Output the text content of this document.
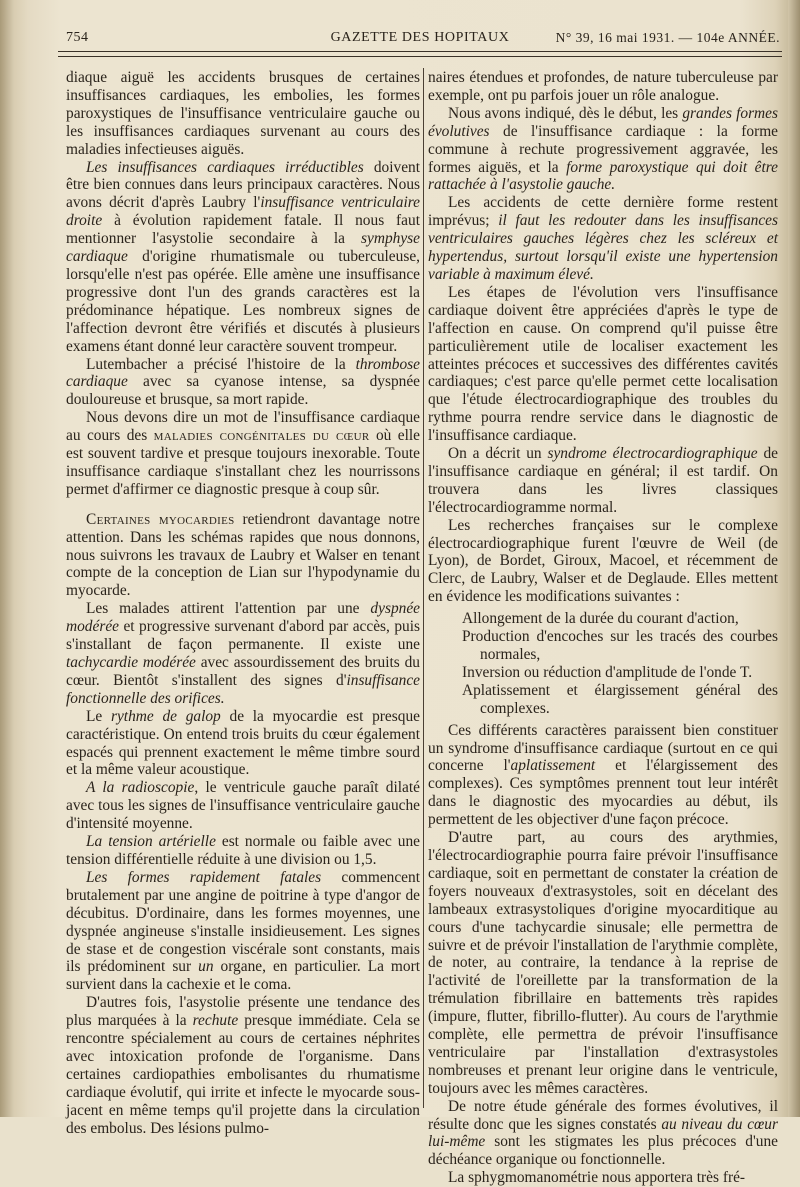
754	GAZETTE DES HOPITAUX	N° 39, 16 mai 1931. — 104e ANNÉE.

diaque aiguë les accidents brusques de certaines insuffisances cardiaques, les embolies, les formes paroxystiques de l'insuffisance ventriculaire gauche ou les insuffisances cardiaques survenant au cours des maladies infectieuses aiguës.

Les insuffisances cardiaques irréductibles doivent être bien connues dans leurs principaux caractères. Nous avons décrit d'après Laubry l'insuffisance ventriculaire droite à évolution rapidement fatale. Il nous faut mentionner l'asystolie secondaire à la symphyse cardiaque d'origine rhumatismale ou tuberculeuse, lorsqu'elle n'est pas opérée. Elle amène une insuffisance progressive dont l'un des grands caractères est la prédominance hépatique. Les nombreux signes de l'affection devront être vérifiés et discutés à plusieurs examens étant donné leur caractère souvent trompeur.

Lutembacher a précisé l'histoire de la thrombose cardiaque avec sa cyanose intense, sa dyspnée douloureuse et brusque, sa mort rapide.

Nous devons dire un mot de l'insuffisance cardiaque au cours des maladies congénitales du cœur où elle est souvent tardive et presque toujours inexorable. Toute insuffisance cardiaque s'installant chez les nourrissons permet d'affirmer ce diagnostic presque à coup sûr.

Certaines myocardies retiendront davantage notre attention. Dans les schémas rapides que nous donnons, nous suivrons les travaux de Laubry et Walser en tenant compte de la conception de Lian sur l'hypodynamie du myocarde.

Les malades attirent l'attention par une dyspnée modérée et progressive survenant d'abord par accès, puis s'installant de façon permanente. Il existe une tachycardie modérée avec assourdissement des bruits du cœur. Bientôt s'installent des signes d'insuffisance fonctionnelle des orifices.

Le rythme de galop de la myocardie est presque caractéristique. On entend trois bruits du cœur également espacés qui prennent exactement le même timbre sourd et la même valeur acoustique.

A la radioscopie, le ventricule gauche paraît dilaté avec tous les signes de l'insuffisance ventriculaire gauche d'intensité moyenne.

La tension artérielle est normale ou faible avec une tension différentielle réduite à une division ou 1,5.

Les formes rapidement fatales commencent brutalement par une angine de poitrine à type d'angor de décubitus. D'ordinaire, dans les formes moyennes, une dyspnée angineuse s'installe insidieusement. Les signes de stase et de congestion viscérale sont constants, mais ils prédominent sur un organe, en particulier. La mort survient dans la cachexie et le coma.

D'autres fois, l'asystolie présente une tendance des plus marquées à la rechute presque immédiate. Cela se rencontre spécialement au cours de certaines néphrites avec intoxication profonde de l'organisme. Dans certaines cardiopathies embolisantes du rhumatisme cardiaque évolutif, qui irrite et infecte le myocarde sous-jacent en même temps qu'il projette dans la circulation des embolus. Des lésions pulmo-

naires étendues et profondes, de nature tuberculeuse par exemple, ont pu parfois jouer un rôle analogue.

Nous avons indiqué, dès le début, les grandes formes évolutives de l'insuffisance cardiaque : la forme commune à rechute progressivement aggravée, les formes aiguës, et la forme paroxystique qui doit être rattachée à l'asystolie gauche.

Les accidents de cette dernière forme restent imprévus; il faut les redouter dans les insuffisances ventriculaires gauches légères chez les scléreux et hypertendus, surtout lorsqu'il existe une hypertension variable à maximum élevé.

Les étapes de l'évolution vers l'insuffisance cardiaque doivent être appréciées d'après le type de l'affection en cause. On comprend qu'il puisse être particulièrement utile de localiser exactement les atteintes précoces et successives des différentes cavités cardiaques; c'est parce qu'elle permet cette localisation que l'étude électrocardiographique des troubles du rythme pourra rendre service dans le diagnostic de l'insuffisance cardiaque.

On a décrit un syndrome électrocardiographique de l'insuffisance cardiaque en général; il est tardif. On trouvera dans les livres classiques l'électrocardiogramme normal.

Les recherches françaises sur le complexe électrocardiographique furent l'œuvre de Weil (de Lyon), de Bordet, Giroux, Macoel, et récemment de Clerc, de Laubry, Walser et de Deglaude. Elles mettent en évidence les modifications suivantes :

Allongement de la durée du courant d'action,
Production d'encoches sur les tracés des courbes normales,
Inversion ou réduction d'amplitude de l'onde T.
Aplatissement et élargissement général des complexes.

Ces différents caractères paraissent bien constituer un syndrome d'insuffisance cardiaque (surtout en ce qui concerne l'aplatissement et l'élargissement des complexes). Ces symptômes prennent tout leur intérêt dans le diagnostic des myocardies au début, ils permettent de les objectiver d'une façon précoce.

D'autre part, au cours des arythmies, l'électrocardiographie pourra faire prévoir l'insuffisance cardiaque, soit en permettant de constater la création de foyers nouveaux d'extrasystoles, soit en décelant des lambeaux extrasystoliques d'origine myocarditique au cours d'une tachycardie sinusale; elle permettra de suivre et de prévoir l'installation de l'arythmie complète, de noter, au contraire, la tendance à la reprise de l'activité de l'oreillette par la transformation de la trémulation fibrillaire en battements très rapides (impure, flutter, fibrillo-flutter). Au cours de l'arythmie complète, elle permettra de prévoir l'insuffisance ventriculaire par l'installation d'extrasystoles nombreuses et prenant leur origine dans le ventricule, toujours avec les mêmes caractères.

De notre étude générale des formes évolutives, il résulte donc que les signes constatés au niveau du cœur lui-même sont les stigmates les plus précoces d'une déchéance organique ou fonctionnelle.

La sphygmomanométrie nous apportera très fré-
